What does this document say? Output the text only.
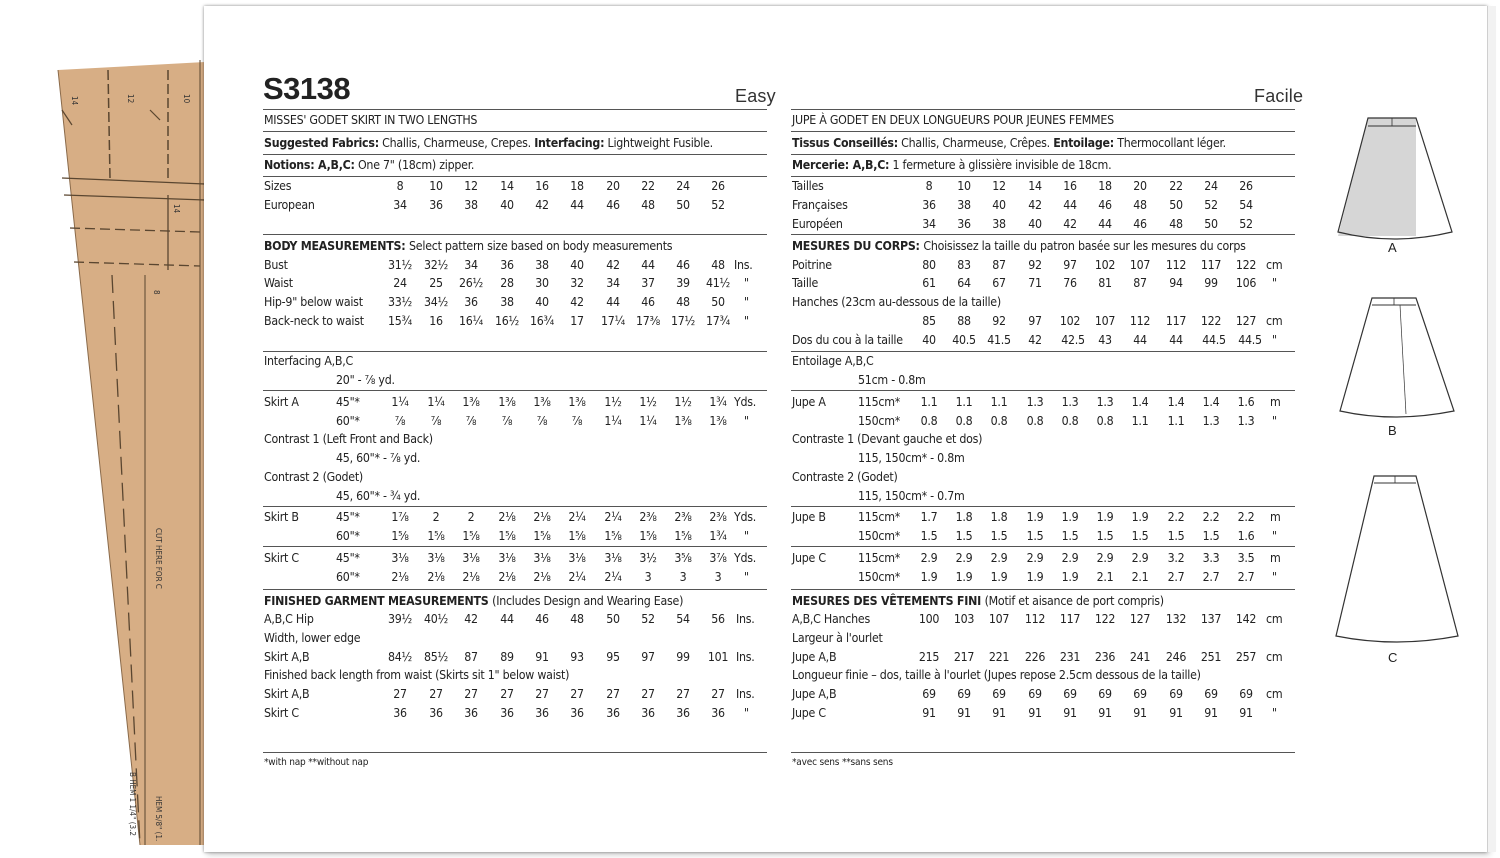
14	12	10
14
8
CUT HERE FOR C
B HEM 1 1/4" (3.2 HEM 5/8" (1.
S3138	Easy
MISSES' GODET SKIRT IN TWO LENGTHS
Suggested Fabrics: Challis, Charmeuse, Crepes. Interfacing: Lightweight Fusible.
Notions: A,B,C: One 7" (18cm) zipper.
*with nap **without nap
Facile
JUPE À GODET EN DEUX LONGUEURS POUR JEUNES FEMMES
Tissus Conseillés: Challis, Charmeuse, Crêpes. Entoilage: Thermocollant léger.
Mercerie: A,B,C: 1 fermeture à glissière invisible de 18cm.
*avec sens **sans sens
Sizes	8 10 12 14 16 18 20 22 24 26
European	34 36 38 40 42 44 46 48 50 52
BODY MEASUREMENTS: Select pattern size based on body measurements
Bust	31½ 32½ 34 36 38 40 42 44 46 48 Ins.
Waist	24 25 26½ 28 30 32 34 37 39 41½ "
Hip-9" below waist 33½ 34½ 36 38 40 42 44 46 48 50 "
Back-neck to waist 15¾ 16 16¼ 16½ 16¾ 17 17¼ 17⅜ 17½ 17¾ "
Interfacing A,B,C
20" - ⅞ yd.
Skirt A	45"*	1¼ 1¼ 1⅜ 1⅜ 1⅜ 1⅜ 1½ 1½ 1½ 1¾ Yds.
60"*	⅞ ⅞ ⅞ ⅞ ⅞ ⅞ 1¼ 1¼ 1⅜ 1⅜ "
Contrast 1 (Left Front and Back)
45, 60"* - ⅞ yd.
Contrast 2 (Godet)
45, 60"* - ¾ yd.
Skirt B	45"*	1⅞ 2 2 2⅛ 2⅛ 2¼ 2¼ 2⅜ 2⅜ 2⅜ Yds.
60"*	1⅝ 1⅝ 1⅝ 1⅝ 1⅝ 1⅝ 1⅝ 1⅝ 1⅝ 1¾ "
Skirt C	45"*	3⅛ 3⅛ 3⅛ 3⅛ 3⅛ 3⅛ 3⅛ 3½ 3⅝ 3⅞ Yds.
60"*	2⅛ 2⅛ 2⅛ 2⅛ 2⅛ 2¼ 2¼ 3 3 3 "
FINISHED GARMENT MEASUREMENTS (Includes Design and Wearing Ease)
A,B,C Hip	39½ 40½ 42 44 46 48 50 52 54 56 Ins.
Width, lower edge
Skirt A,B	84½ 85½ 87 89 91 93 95 97 99 101 Ins.
Finished back length from waist (Skirts sit 1" below waist)
Skirt A,B	27 27 27 27 27 27 27 27 27 27 Ins.
Skirt C	36 36 36 36 36 36 36 36 36 36 "
Tailles	8 10 12 14 16 18 20 22 24 26
Françaises	36 38 40 42 44 46 48 50 52 54
Européen	34 36 38 40 42 44 46 48 50 52
MESURES DU CORPS: Choisissez la taille du patron basée sur les mesures du corps
Poitrine	80 83 87 92 97 102 107 112 117 122 cm
Taille	61 64 67 71 76 81 87 94 99 106 "
Hanches (23cm au-dessous de la taille)
85 88 92 97 102 107 112 117 122 127 cm
Dos du cou à la taille 40 40.5 41.5 42 42.5 43 44 44 44.5 44.5 "
Entoilage A,B,C
51cm - 0.8m
Jupe A	115cm* 1.1 1.1 1.1 1.3 1.3 1.3 1.4 1.4 1.4 1.6 m
150cm* 0.8 0.8 0.8 0.8 0.8 0.8 1.1 1.1 1.3 1.3 "
Contraste 1 (Devant gauche et dos)
115, 150cm* - 0.8m
Contraste 2 (Godet)
115, 150cm* - 0.7m
Jupe B	115cm* 1.7 1.8 1.8 1.9 1.9 1.9 1.9 2.2 2.2 2.2 m
150cm* 1.5 1.5 1.5 1.5 1.5 1.5 1.5 1.5 1.5 1.6 "
Jupe C	115cm* 2.9 2.9 2.9 2.9 2.9 2.9 2.9 3.2 3.3 3.5 m
150cm* 1.9 1.9 1.9 1.9 1.9 2.1 2.1 2.7 2.7 2.7 "
MESURES DES VÊTEMENTS FINI (Motif et aisance de port compris)
A,B,C Hanches	100 103 107 112 117 122 127 132 137 142 cm
Largeur à l'ourlet
Jupe A,B	215 217 221 226 231 236 241 246 251 257 cm
Longueur finie – dos, taille à l'ourlet (Jupes repose 2.5cm dessous de la taille)
Jupe A,B	69 69 69 69 69 69 69 69 69 69 cm
Jupe C	91 91 91 91 91 91 91 91 91 91 "
A
B
C
